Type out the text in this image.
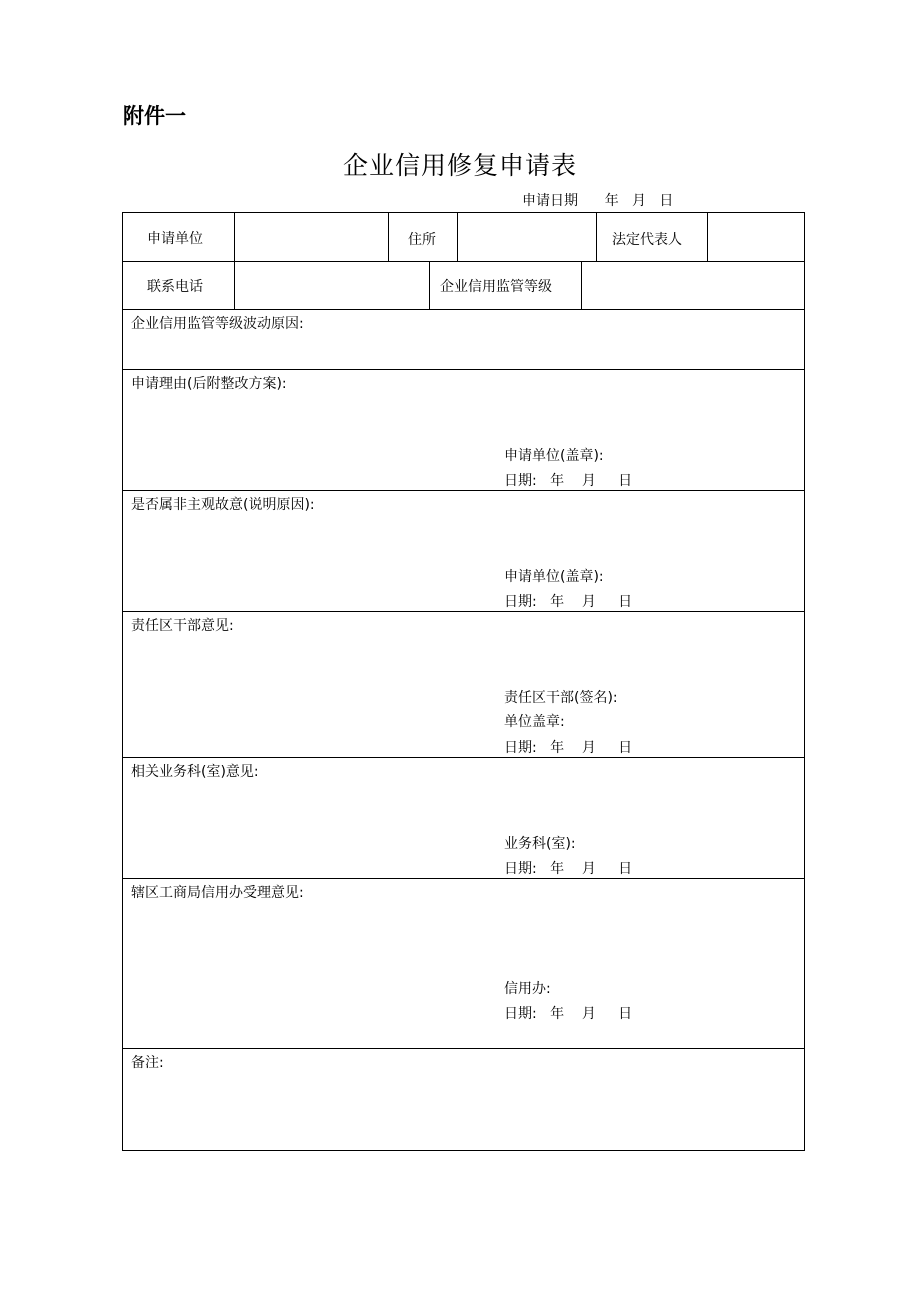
附件一
企业信用修复申请表
申请日期      年   月   日
申请单位	住所	法定代表人
联系电话	企业信用监管等级
企业信用监管等级波动原因:
申请理由(后附整改方案):
申请单位(盖章):
日期:   年    月     日
是否属非主观故意(说明原因):
申请单位(盖章):
日期:   年    月     日
责任区干部意见:
责任区干部(签名):
单位盖章:
日期:   年    月     日
相关业务科(室)意见:
业务科(室):
日期:   年    月     日
辖区工商局信用办受理意见:
信用办:
日期:   年    月     日
备注:
